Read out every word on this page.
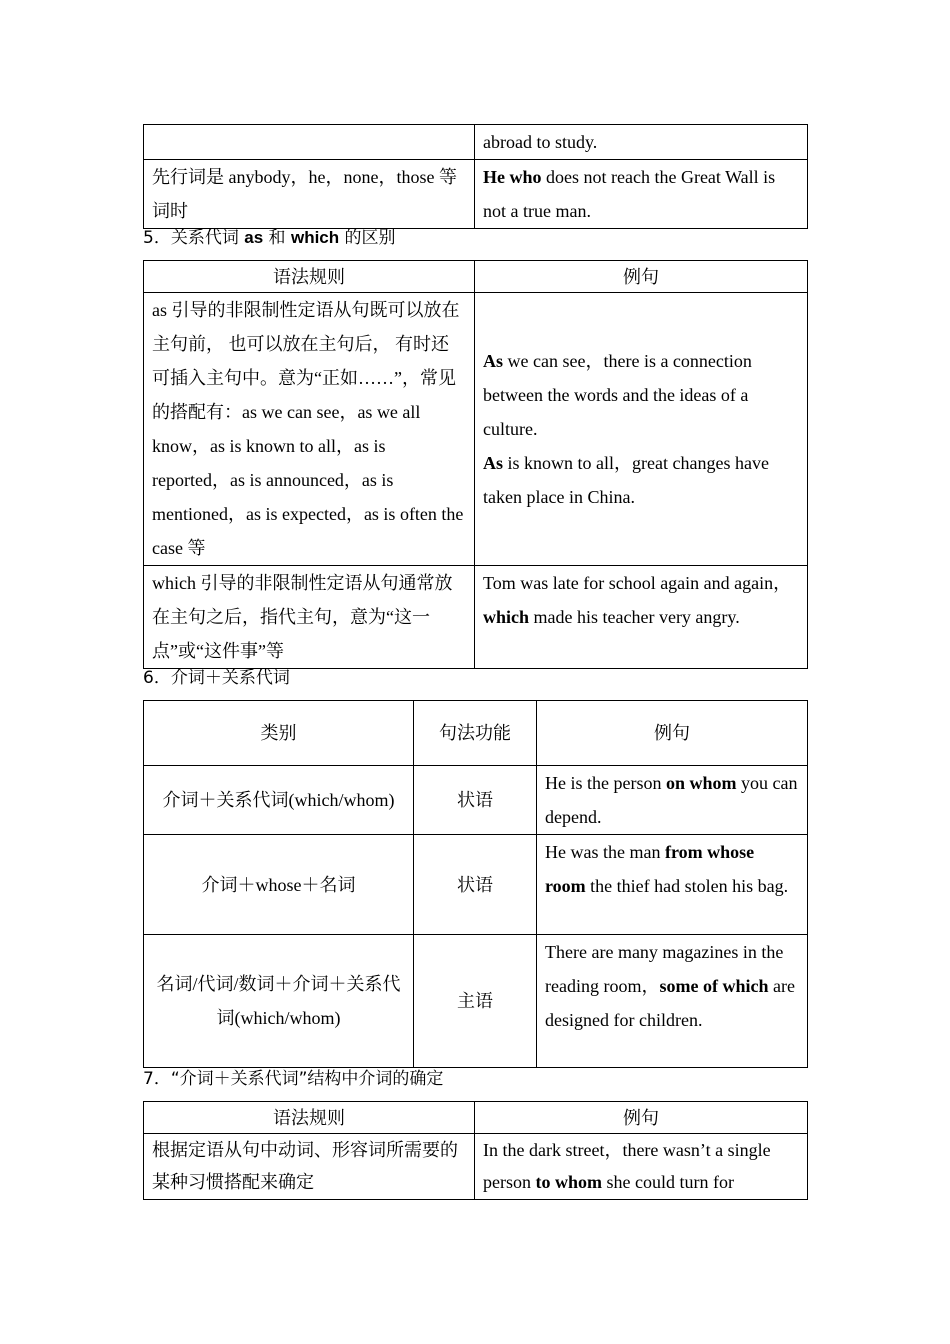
	abroad to study.
先行词是 anybody，he，none，those 等词时	He who does not reach the Great Wall is not a true man.
5．关系代词 as 和 which 的区别
语法规则	例句
as 引导的非限制性定语从句既可以放在主句前， 也可以放在主句后， 有时还可插入主句中。意为“正如……”，常见的搭配有：as we can see，as we all know，as is known to all，as is reported，as is announced，as is mentioned，as is expected，as is often the case 等	As we can see，there is a connection between the words and the ideas of a culture.
As is known to all，great changes have taken place in China.

which 引导的非限制性定语从句通常放在主句之后，指代主句，意为“这一点”或“这件事”等	Tom was late for school again and again，which made his teacher very angry.
6．介词＋关系代词
类别	句法功能	例句
介词＋关系代词(which/whom)	状语	He is the person on whom you can depend.
介词＋whose＋名词	状语	He was the man from whose room the thief had stolen his bag.
名词/代词/数词＋介词＋关系代词(which/whom)	主语	There are many magazines in the reading room，some of which are designed for children.
7．“介词＋关系代词”结构中介词的确定
语法规则	例句
根据定语从句中动词、形容词所需要的某种习惯搭配来确定	In the dark street，there wasn’t a single person to whom she could turn for
